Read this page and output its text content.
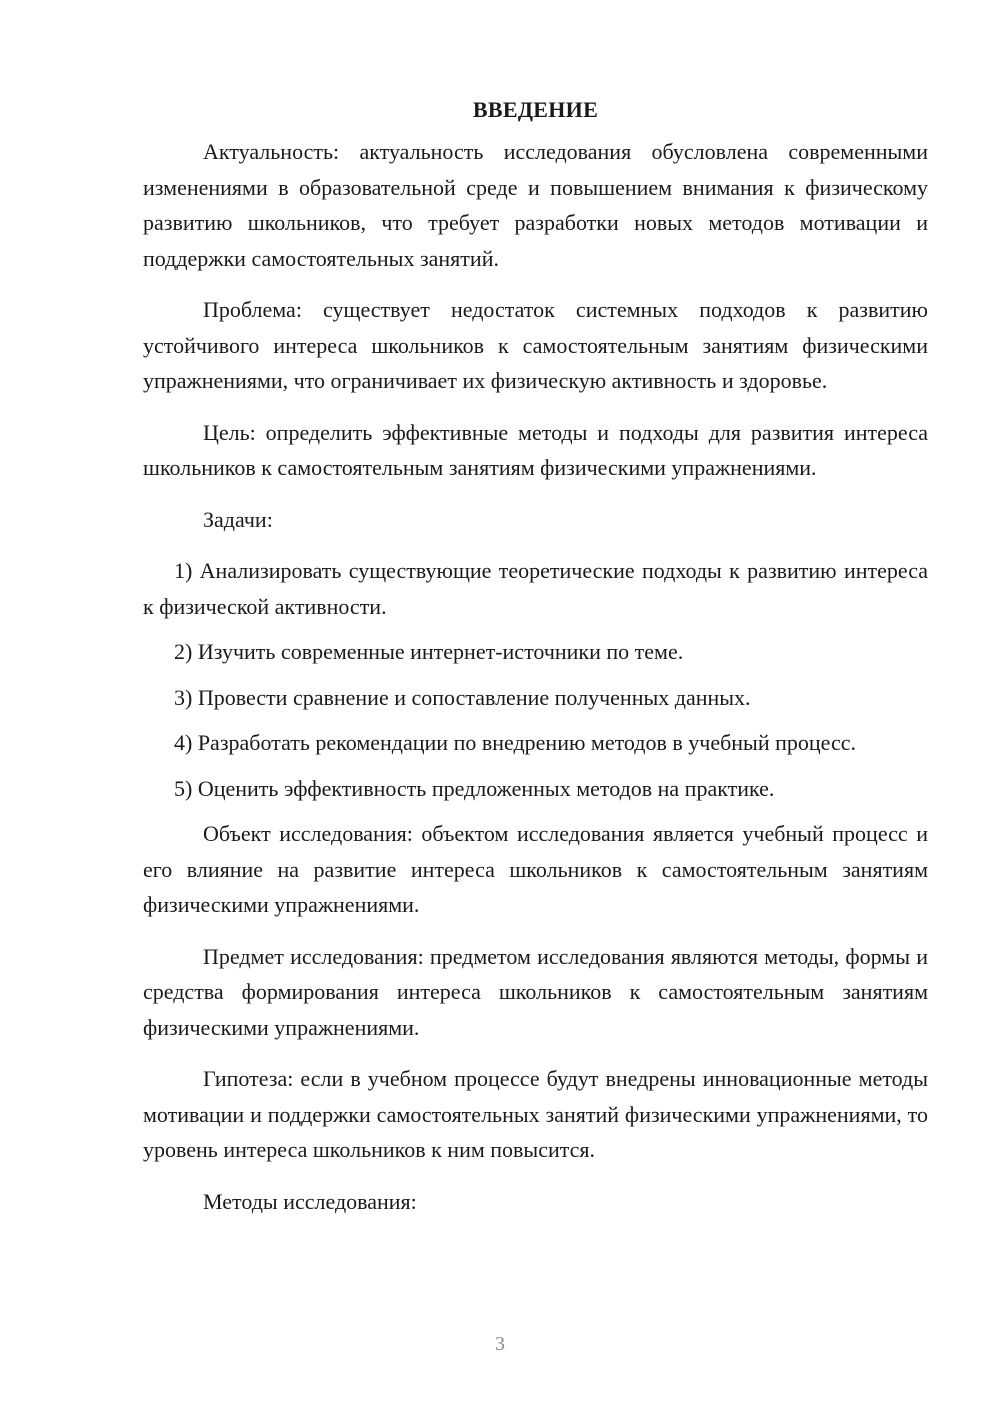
ВВЕДЕНИЕ

Актуальность: актуальность исследования обусловлена современными изменениями в образовательной среде и повышением внимания к физическому развитию школьников, что требует разработки новых методов мотивации и поддержки самостоятельных занятий.

Проблема: существует недостаток системных подходов к развитию устойчивого интереса школьников к самостоятельным занятиям физическими упражнениями, что ограничивает их физическую активность и здоровье.

Цель: определить эффективные методы и подходы для развития интереса школьников к самостоятельным занятиям физическими упражнениями.

Задачи:

1) Анализировать существующие теоретические подходы к развитию интереса к физической активности.

2) Изучить современные интернет-источники по теме.

3) Провести сравнение и сопоставление полученных данных.

4) Разработать рекомендации по внедрению методов в учебный процесс.

5) Оценить эффективность предложенных методов на практике.

Объект исследования: объектом исследования является учебный процесс и его влияние на развитие интереса школьников к самостоятельным занятиям физическими упражнениями.

Предмет исследования: предметом исследования являются методы, формы и средства формирования интереса школьников к самостоятельным занятиям физическими упражнениями.

Гипотеза: если в учебном процессе будут внедрены инновационные методы мотивации и поддержки самостоятельных занятий физическими упражнениями, то уровень интереса школьников к ним повысится.

Методы исследования:

3
